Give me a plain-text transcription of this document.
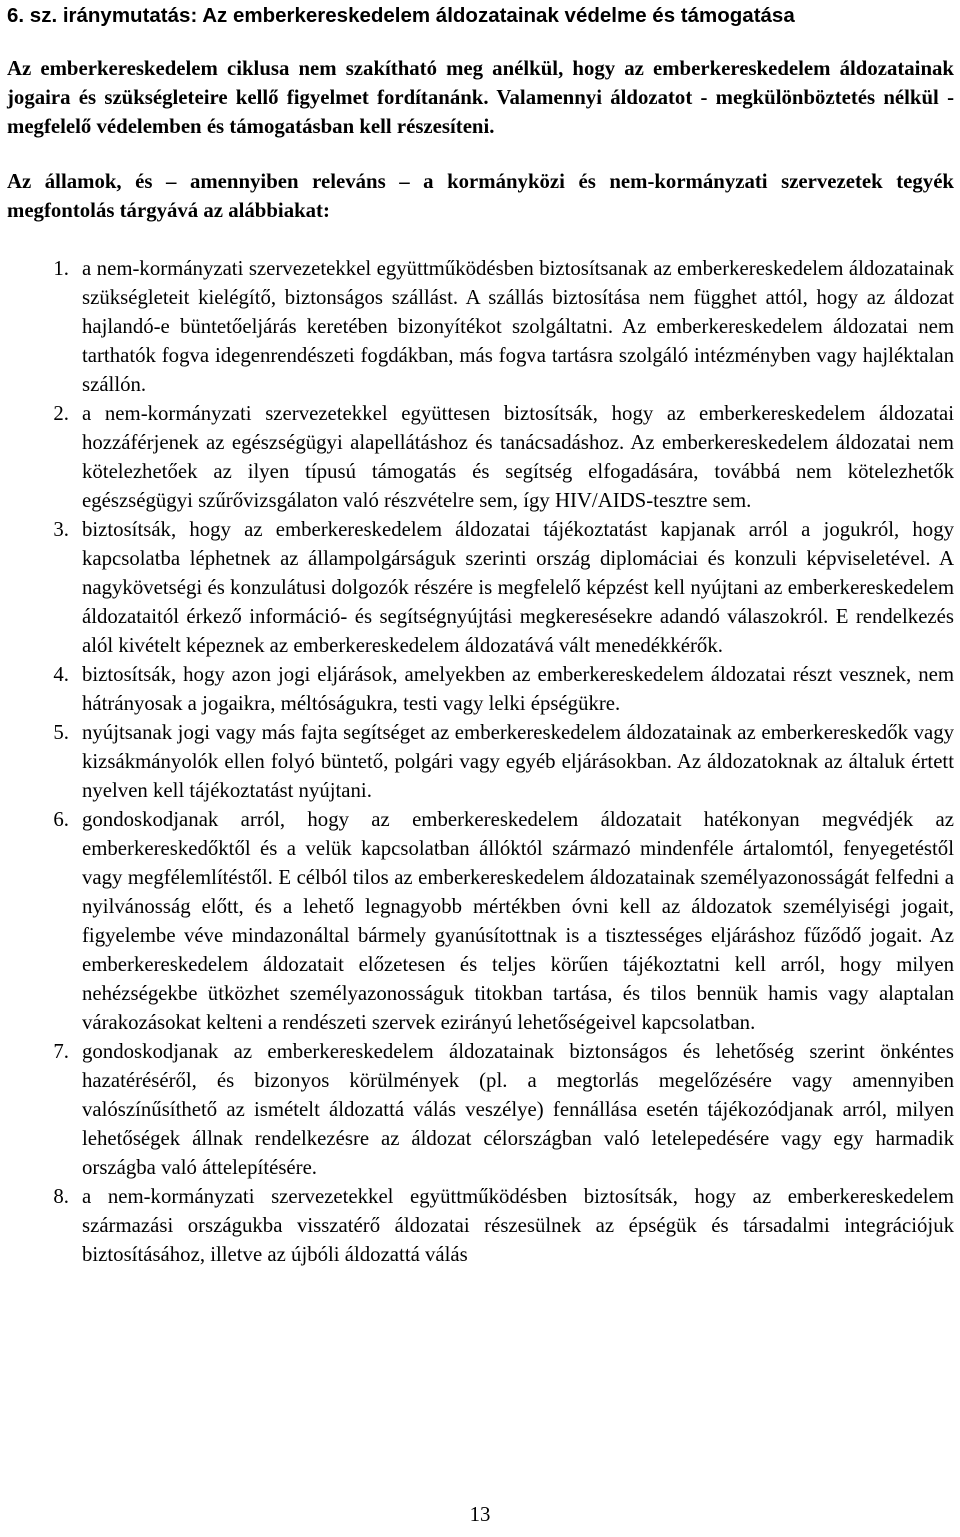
6. sz. iránymutatás: Az emberkereskedelem áldozatainak védelme és támogatása

Az emberkereskedelem ciklusa nem szakítható meg anélkül, hogy az emberkereskedelem áldozatainak jogaira és szükségleteire kellő figyelmet fordítanánk. Valamennyi áldozatot - megkülönböztetés nélkül - megfelelő védelemben és támogatásban kell részesíteni.

Az államok, és – amennyiben releváns – a kormányközi és nem-kormányzati szervezetek tegyék megfontolás tárgyává az alábbiakat:

1. a nem-kormányzati szervezetekkel együttműködésben biztosítsanak az emberkereskedelem áldozatainak szükségleteit kielégítő, biztonságos szállást. A szállás biztosítása nem függhet attól, hogy az áldozat hajlandó-e büntetőeljárás keretében bizonyítékot szolgáltatni. Az emberkereskedelem áldozatai nem tarthatók fogva idegenrendészeti fogdákban, más fogva tartásra szolgáló intézményben vagy hajléktalan szállón.
2. a nem-kormányzati szervezetekkel együttesen biztosítsák, hogy az emberkereskedelem áldozatai hozzáférjenek az egészségügyi alapellátáshoz és tanácsadáshoz. Az emberkereskedelem áldozatai nem kötelezhetőek az ilyen típusú támogatás és segítség elfogadására, továbbá nem kötelezhetők egészségügyi szűrővizsgálaton való részvételre sem, így HIV/AIDS-tesztre sem.
3. biztosítsák, hogy az emberkereskedelem áldozatai tájékoztatást kapjanak arról a jogukról, hogy kapcsolatba léphetnek az állampolgárságuk szerinti ország diplomáciai és konzuli képviseletével. A nagykövetségi és konzulátusi dolgozók részére is megfelelő képzést kell nyújtani az emberkereskedelem áldozataitól érkező információ- és segítségnyújtási megkeresésekre adandó válaszokról. E rendelkezés alól kivételt képeznek az emberkereskedelem áldozatává vált menedékkérők.
4. biztosítsák, hogy azon jogi eljárások, amelyekben az emberkereskedelem áldozatai részt vesznek, nem hátrányosak a jogaikra, méltóságukra, testi vagy lelki épségükre.
5. nyújtsanak jogi vagy más fajta segítséget az emberkereskedelem áldozatainak az emberkereskedők vagy kizsákmányolók ellen folyó büntető, polgári vagy egyéb eljárásokban. Az áldozatoknak az általuk értett nyelven kell tájékoztatást nyújtani.
6. gondoskodjanak arról, hogy az emberkereskedelem áldozatait hatékonyan megvédjék az emberkereskedőktől és a velük kapcsolatban állóktól származó mindenféle ártalomtól, fenyegetéstől vagy megfélemlítéstől. E célból tilos az emberkereskedelem áldozatainak személyazonosságát felfedni a nyilvánosság előtt, és a lehető legnagyobb mértékben óvni kell az áldozatok személyiségi jogait, figyelembe véve mindazonáltal bármely gyanúsítottnak is a tisztességes eljáráshoz fűződő jogait. Az emberkereskedelem áldozatait előzetesen és teljes körűen tájékoztatni kell arról, hogy milyen nehézségekbe ütközhet személyazonosságuk titokban tartása, és tilos bennük hamis vagy alaptalan várakozásokat kelteni a rendészeti szervek ezirányú lehetőségeivel kapcsolatban.
7. gondoskodjanak az emberkereskedelem áldozatainak biztonságos és lehetőség szerint önkéntes hazatéréséről, és bizonyos körülmények (pl. a megtorlás megelőzésére vagy amennyiben valószínűsíthető az ismételt áldozattá válás veszélye) fennállása esetén tájékozódjanak arról, milyen lehetőségek állnak rendelkezésre az áldozat célországban való letelepedésére vagy egy harmadik országba való áttelepítésére.
8. a nem-kormányzati szervezetekkel együttműködésben biztosítsák, hogy az emberkereskedelem származási országukba visszatérő áldozatai részesülnek az épségük és társadalmi integrációjuk biztosításához, illetve az újbóli áldozattá válás
13
